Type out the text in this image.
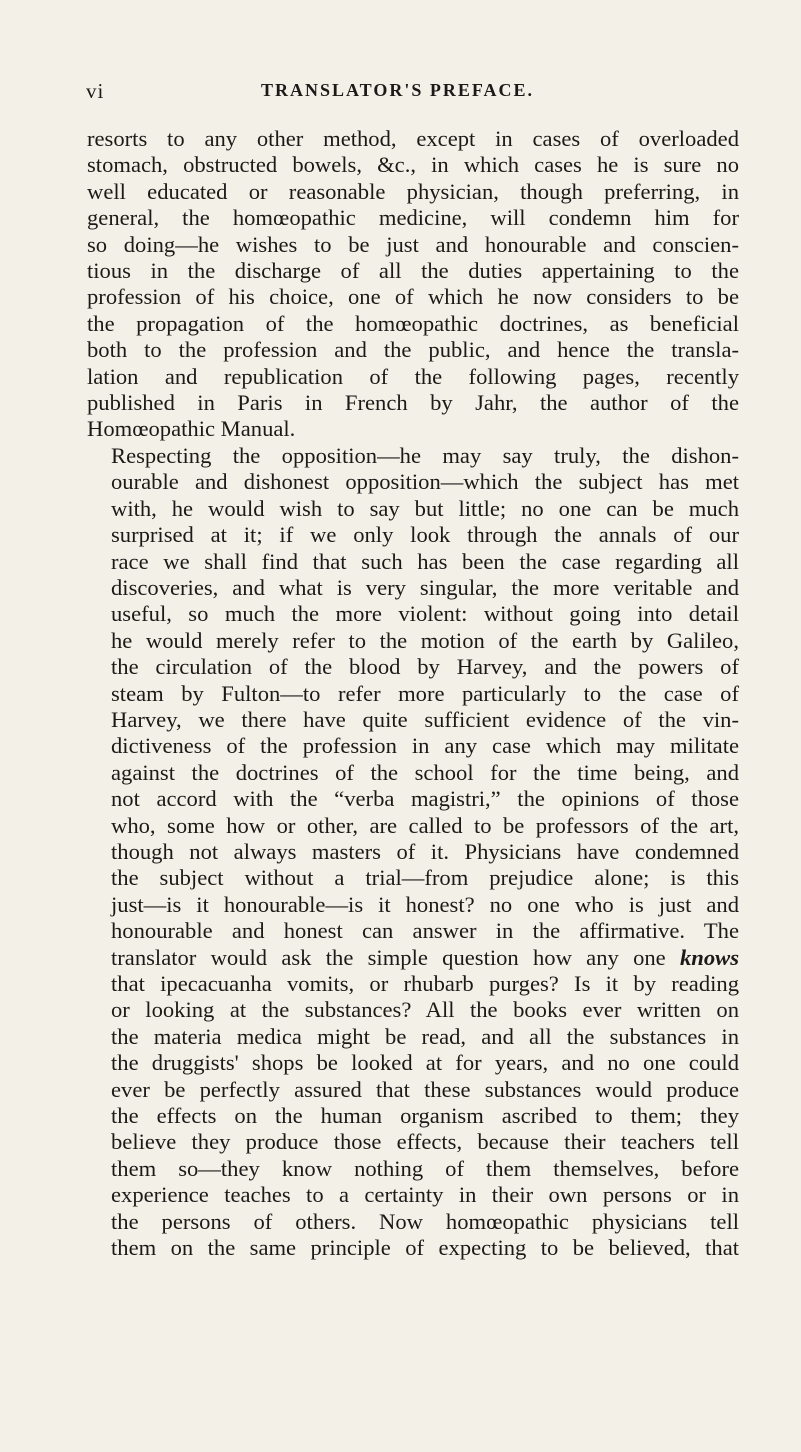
vi	TRANSLATOR'S PREFACE.

resorts to any other method, except in cases of overloaded
stomach, obstructed bowels, &c., in which cases he is sure no
well educated or reasonable physician, though preferring, in
general, the homœopathic medicine, will condemn him for
so doing—he wishes to be just and honourable and conscien-
tious in the discharge of all the duties appertaining to the
profession of his choice, one of which he now considers to be
the propagation of the homœopathic doctrines, as beneficial
both to the profession and the public, and hence the transla-
lation and republication of the following pages, recently
published in Paris in French by Jahr, the author of the
Homœopathic Manual.

Respecting the opposition—he may say truly, the dishon-
ourable and dishonest opposition—which the subject has met
with, he would wish to say but little; no one can be much
surprised at it; if we only look through the annals of our
race we shall find that such has been the case regarding all
discoveries, and what is very singular, the more veritable and
useful, so much the more violent: without going into detail
he would merely refer to the motion of the earth by Galileo,
the circulation of the blood by Harvey, and the powers of
steam by Fulton—to refer more particularly to the case of
Harvey, we there have quite sufficient evidence of the vin-
dictiveness of the profession in any case which may militate
against the doctrines of the school for the time being, and
not accord with the “verba magistri,” the opinions of those
who, some how or other, are called to be professors of the art,
though not always masters of it. Physicians have condemned
the subject without a trial—from prejudice alone; is this
just—is it honourable—is it honest? no one who is just and
honourable and honest can answer in the affirmative. The
translator would ask the simple question how any one knows
that ipecacuanha vomits, or rhubarb purges? Is it by reading
or looking at the substances? All the books ever written on
the materia medica might be read, and all the substances in
the druggists' shops be looked at for years, and no one could
ever be perfectly assured that these substances would produce
the effects on the human organism ascribed to them; they
believe they produce those effects, because their teachers tell
them so—they know nothing of them themselves, before
experience teaches to a certainty in their own persons or in
the persons of others. Now homœopathic physicians tell
them on the same principle of expecting to be believed, that
